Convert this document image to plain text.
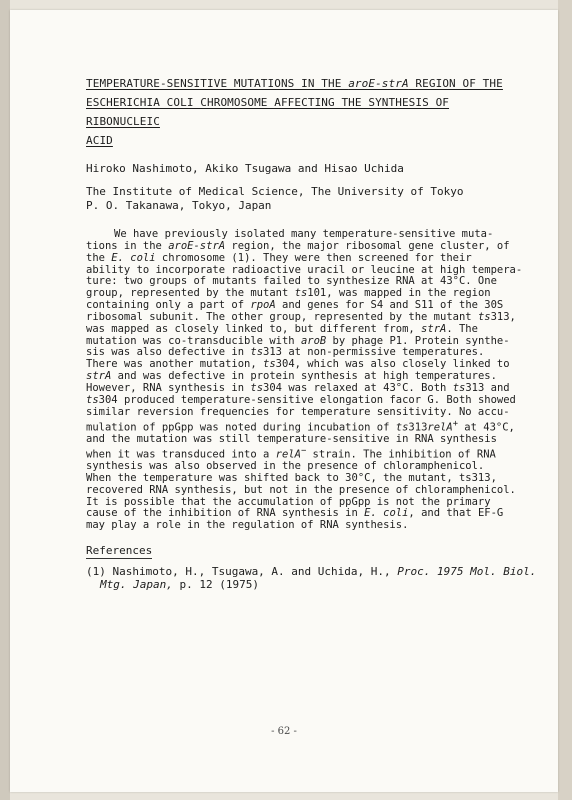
TEMPERATURE-SENSITIVE MUTATIONS IN THE aroE-strA REGION OF THE
ESCHERICHIA COLI CHROMOSOME AFFECTING THE SYNTHESIS OF RIBONUCLEIC
ACID
Hiroko Nashimoto, Akiko Tsugawa and Hisao Uchida
The Institute of Medical Science, The University of Tokyo
P. O. Takanawa, Tokyo, Japan
We have previously isolated many temperature-sensitive muta-
tions in the aroE-strA region, the major ribosomal gene cluster, of
the E. coli chromosome (1). They were then screened for their
ability to incorporate radioactive uracil or leucine at high tempera-
ture: two groups of mutants failed to synthesize RNA at 43°C. One
group, represented by the mutant ts101, was mapped in the region
containing only a part of rpoA and genes for S4 and S11 of the 30S
ribosomal subunit. The other group, represented by the mutant ts313,
was mapped as closely linked to, but different from, strA. The
mutation was co-transducible with aroB by phage P1. Protein synthe-
sis was also defective in ts313 at non-permissive temperatures.
There was another mutation, ts304, which was also closely linked to
strA and was defective in protein synthesis at high temperatures.
However, RNA synthesis in ts304 was relaxed at 43°C. Both ts313 and
ts304 produced temperature-sensitive elongation facor G. Both showed
similar reversion frequencies for temperature sensitivity. No accu-
mulation of ppGpp was noted during incubation of ts313relA+ at 43°C,
and the mutation was still temperature-sensitive in RNA synthesis
when it was transduced into a relA− strain. The inhibition of RNA
synthesis was also observed in the presence of chloramphenicol.
When the temperature was shifted back to 30°C, the mutant, ts313,
recovered RNA synthesis, but not in the presence of chloramphenicol.
It is possible that the accumulation of ppGpp is not the primary
cause of the inhibition of RNA synthesis in E. coli, and that EF-G
may play a role in the regulation of RNA synthesis.
References
(1) Nashimoto, H., Tsugawa, A. and Uchida, H., Proc. 1975 Mol. Biol.
Mtg. Japan, p. 12 (1975)
- 62 -
